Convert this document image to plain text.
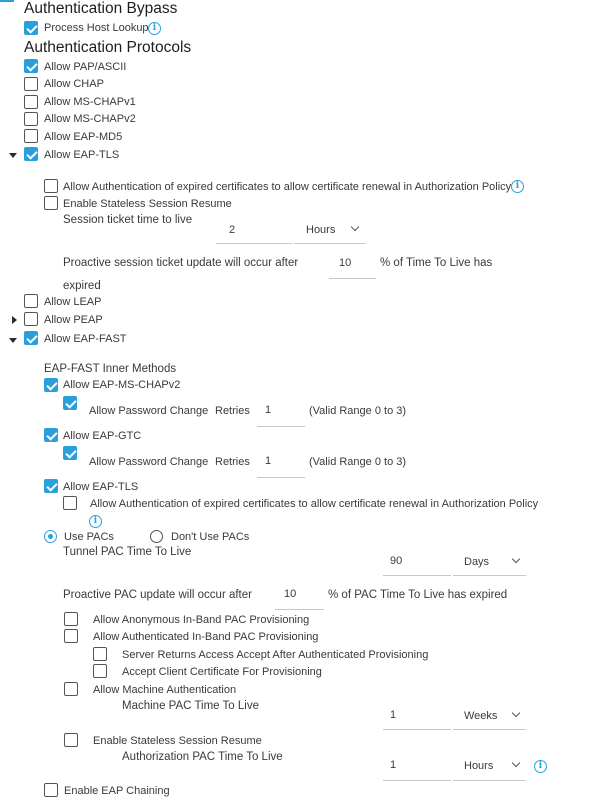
Authentication Bypass
Process Host Lookup i
Authentication Protocols
Allow PAP/ASCII
Allow CHAP
Allow MS-CHAPv1
Allow MS-CHAPv2
Allow EAP-MD5
Allow EAP-TLS
Allow Authentication of expired certificates to allow certificate renewal in Authorization Policy i
Enable Stateless Session Resume
Session ticket time to live
2	Hours
Proactive session ticket update will occur after	10	% of Time To Live has
expired
Allow LEAP
Allow PEAP
Allow EAP-FAST
EAP-FAST Inner Methods
Allow EAP-MS-CHAPv2
Allow Password Change Retries	1	(Valid Range 0 to 3)
Allow EAP-GTC
Allow Password Change Retries	1	(Valid Range 0 to 3)
Allow EAP-TLS
Allow Authentication of expired certificates to allow certificate renewal in Authorization Policy
i
Use PACs	Don't Use PACs
Tunnel PAC Time To Live
90	Days
Proactive PAC update will occur after	10	% of PAC Time To Live has expired
Allow Anonymous In-Band PAC Provisioning
Allow Authenticated In-Band PAC Provisioning
Server Returns Access Accept After Authenticated Provisioning
Accept Client Certificate For Provisioning
Allow Machine Authentication
Machine PAC Time To Live
1	Weeks
Enable Stateless Session Resume
Authorization PAC Time To Live
1	Hours	i
Enable EAP Chaining
